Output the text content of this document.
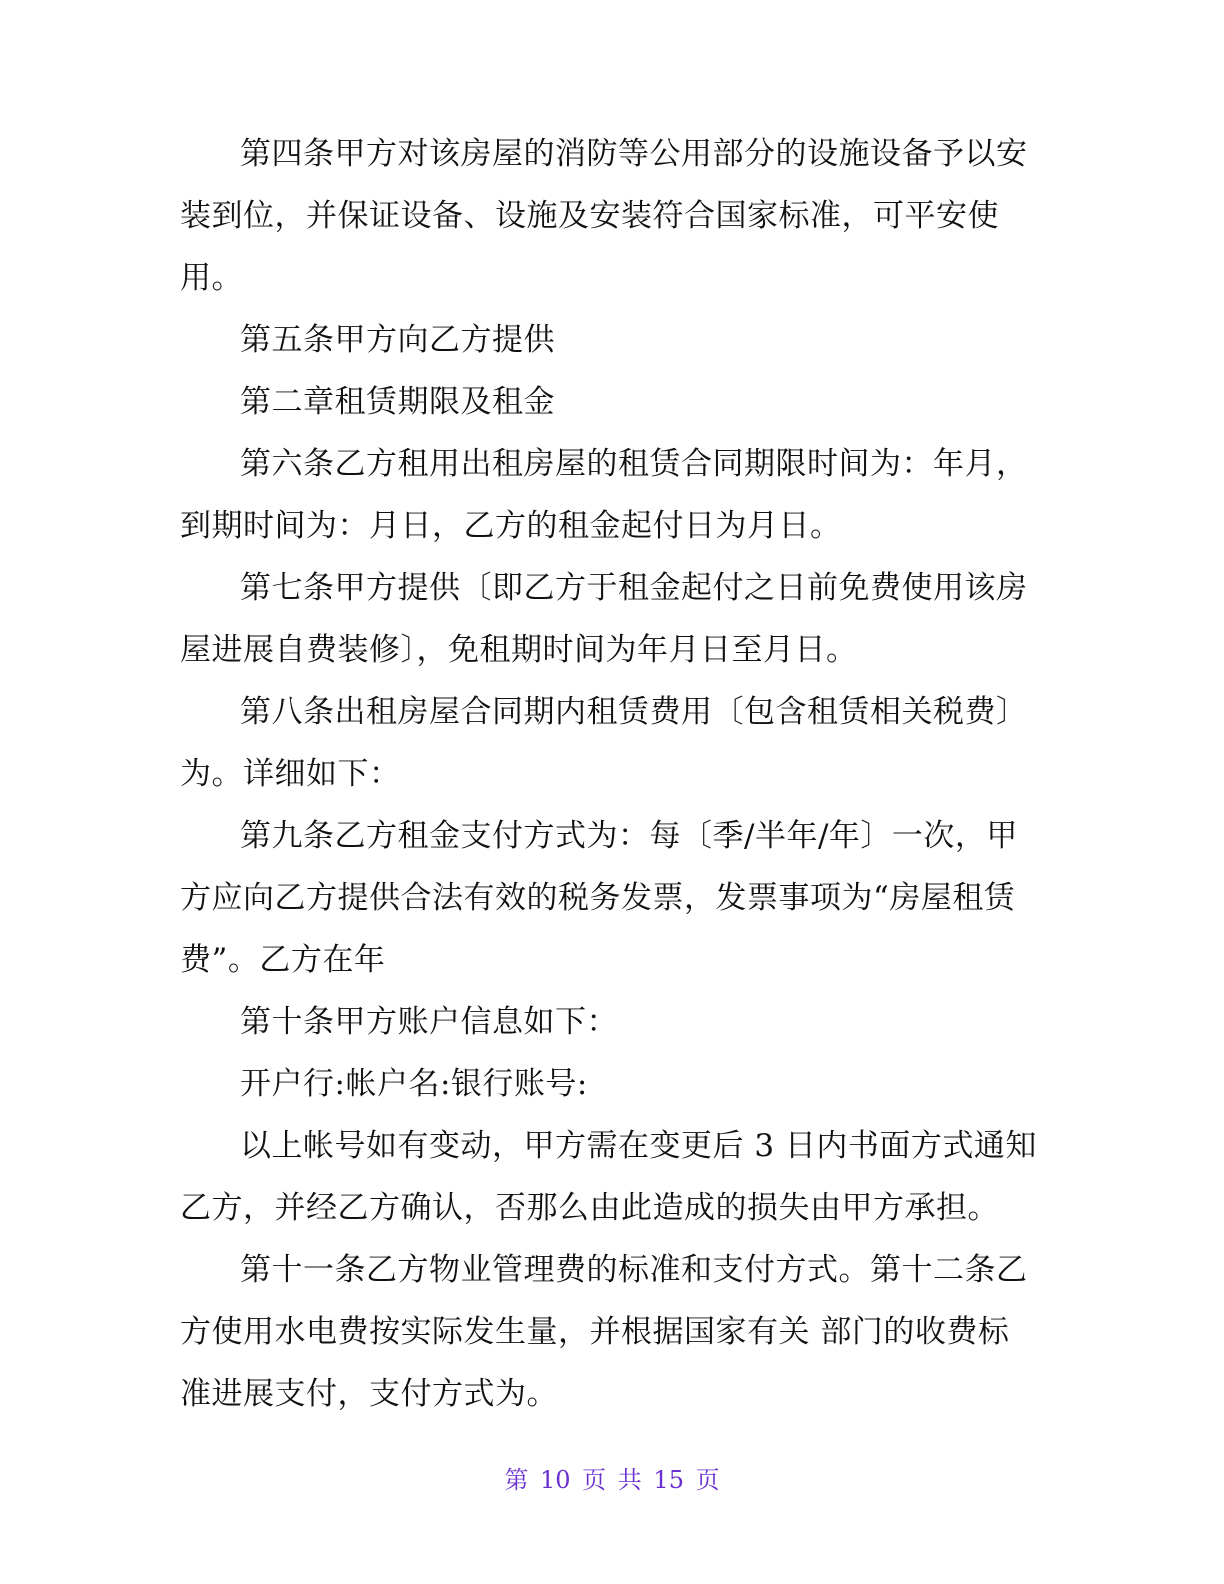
第四条甲方对该房屋的消防等公用部分的设施设备予以安装到位，并保证设备、设施及安装符合国家标准，可平安使用。

第五条甲方向乙方提供

第二章租赁期限及租金

第六条乙方租用出租房屋的租赁合同期限时间为：年月，到期时间为：月日，乙方的租金起付日为月日。

第七条甲方提供〔即乙方于租金起付之日前免费使用该房屋进展自费装修〕，免租期时间为年月日至月日。

第八条出租房屋合同期内租赁费用〔包含租赁相关税费〕为。详细如下：

第九条乙方租金支付方式为：每〔季/半年/年〕一次，甲方应向乙方提供合法有效的税务发票，发票事项为“房屋租赁费”。乙方在年

第十条甲方账户信息如下：

开户行:帐户名:银行账号:

以上帐号如有变动，甲方需在变更后 3 日内书面方式通知乙方，并经乙方确认，否那么由此造成的损失由甲方承担。

第十一条乙方物业管理费的标准和支付方式。第十二条乙方使用水电费按实际发生量，并根据国家有关 部门的收费标准进展支付，支付方式为。

第 10 页 共 15 页
